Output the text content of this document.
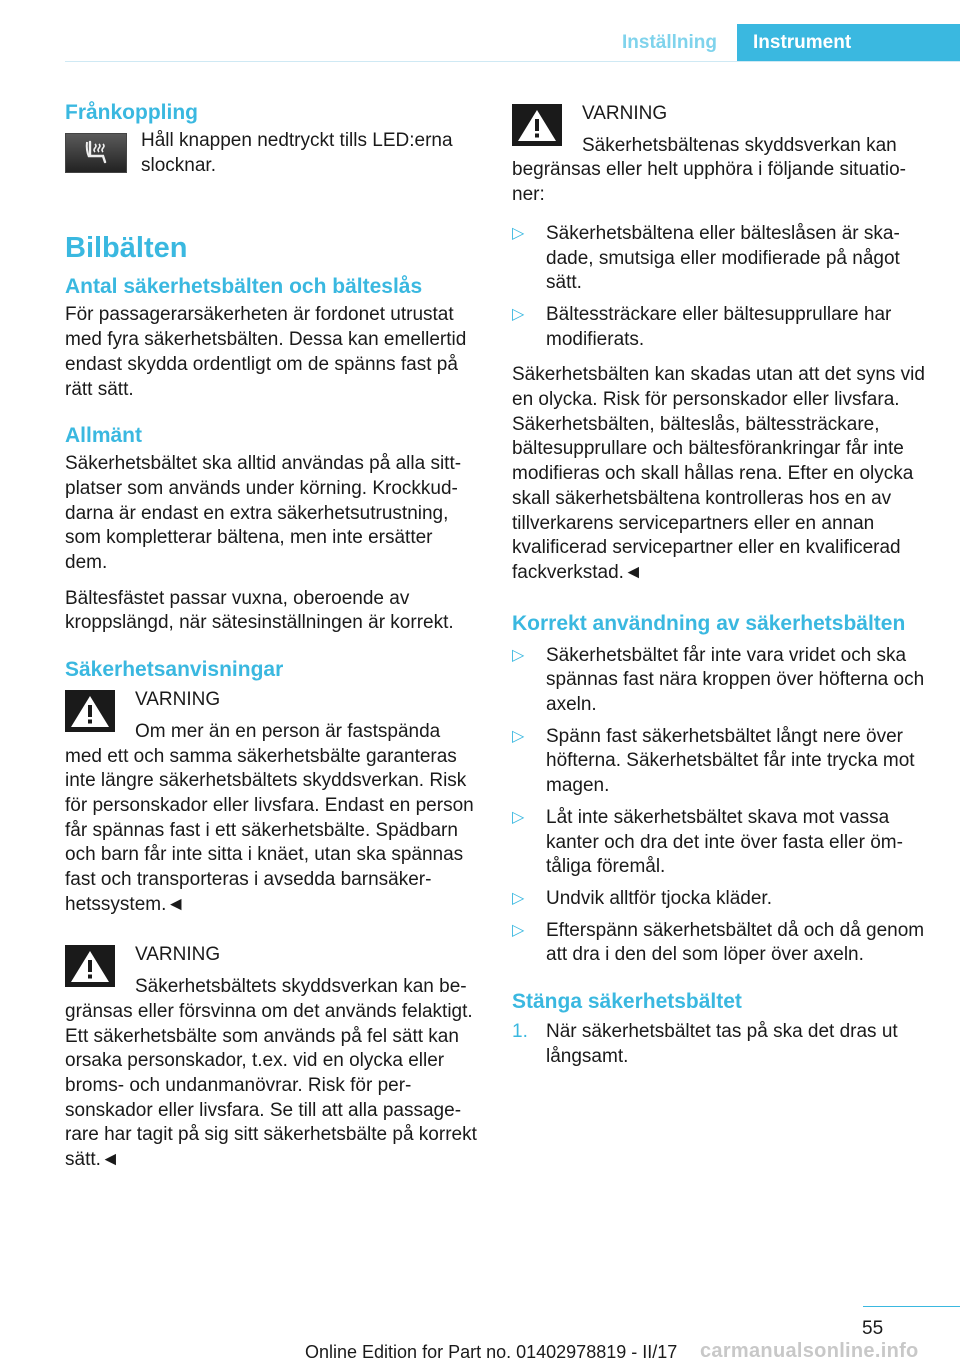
Inställning	Instrument
Frånkoppling
Håll knappen nedtryckt tills LED:erna slocknar.
Bilbälten
Antal säkerhetsbälten och bälteslås

För passagerarsäkerheten är fordonet utrustat med fyra säkerhetsbälten. Dessa kan emellertid endast skydda ordentligt om de spänns fast på rätt sätt.

Allmänt

Säkerhetsbältet ska alltid användas på alla sittplatser som används under körning. Krockkuddarna är endast en extra säkerhetsutrustning, som kompletterar bältena, men inte ersätter dem.

Bältesfästet passar vuxna, oberoende av kroppslängd, när sätesinställningen är korrekt.

Säkerhetsanvisningar
VARNING
Om mer än en person är fastspända med ett och samma säkerhetsbälte garanteras inte längre säkerhetsbältets skyddsverkan. Risk för personskador eller livsfara. Endast en person får spännas fast i ett säkerhetsbälte. Spädbarn och barn får inte sitta i knäet, utan ska spännas fast och transporteras i avsedda barnsäkerhetssystem.◄
VARNING
Säkerhetsbältets skyddsverkan kan begränsas eller försvinna om det används felaktigt. Ett säkerhetsbälte som används på fel sätt kan orsaka personskador, t.ex. vid en olycka eller broms- och undanmanövrar. Risk för personskador eller livsfara. Se till att alla passagerare har tagit på sig sitt säkerhetsbälte på korrekt sätt.◄
VARNING
Säkerhetsbältenas skyddsverkan kan begränsas eller helt upphöra i följande situationer:
▷ Säkerhetsbältena eller bälteslåsen är skadade, smutsiga eller modifierade på något sätt.
▷ Bältessträckare eller bältesupprullare har modifierats.

Säkerhetsbälten kan skadas utan att det syns vid en olycka. Risk för personskador eller livsfara. Säkerhetsbälten, bälteslås, bältessträckare, bältesupprullare och bältesförankringar får inte modifieras och skall hållas rena. Efter en olycka skall säkerhetsbältena kontrolleras hos en av tillverkarens servicepartners eller en annan kvalificerad servicepartner eller en kvalificerad fackverkstad.◄

Korrekt användning av säkerhetsbälten
▷ Säkerhetsbältet får inte vara vridet och ska spännas fast nära kroppen över höfterna och axeln.
▷ Spänn fast säkerhetsbältet långt nere över höfterna. Säkerhetsbältet får inte trycka mot magen.
▷ Låt inte säkerhetsbältet skava mot vassa kanter och dra det inte över fasta eller ömtåliga föremål.
▷ Undvik alltför tjocka kläder.
▷ Efterspänn säkerhetsbältet då och då genom att dra i den del som löper över axeln.
Stänga säkerhetsbältet
1. När säkerhetsbältet tas på ska det dras ut långsamt.
55
Online Edition for Part no. 01402978819 - II/17 carmanualsonline.info
